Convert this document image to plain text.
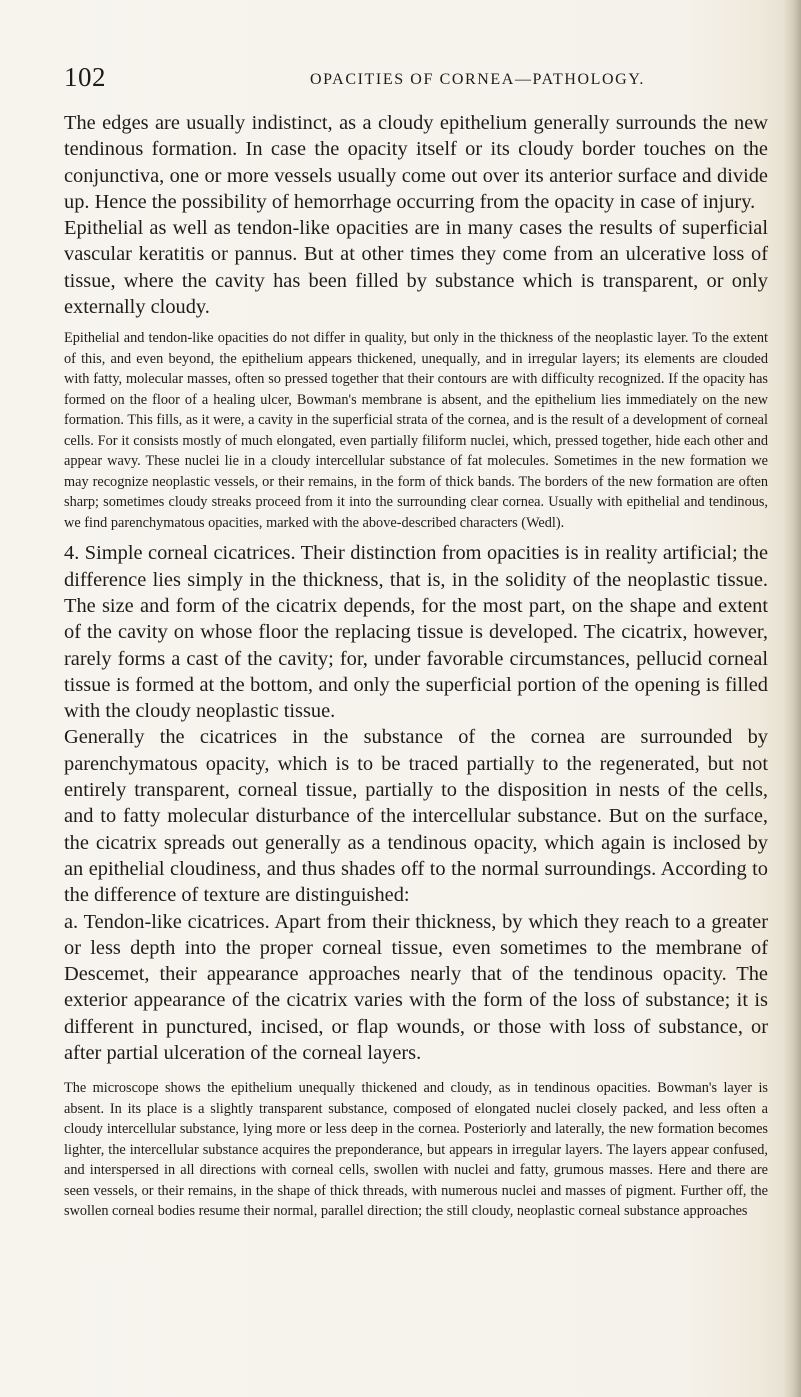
102	OPACITIES OF CORNEA—PATHOLOGY.

The edges are usually indistinct, as a cloudy epithelium generally surrounds the new tendinous formation. In case the opacity itself or its cloudy border touches on the conjunctiva, one or more vessels usually come out over its anterior surface and divide up. Hence the possibility of hemorrhage occurring from the opacity in case of injury.

Epithelial as well as tendon-like opacities are in many cases the results of superficial vascular keratitis or pannus. But at other times they come from an ulcerative loss of tissue, where the cavity has been filled by substance which is transparent, or only externally cloudy.

Epithelial and tendon-like opacities do not differ in quality, but only in the thickness of the neoplastic layer. To the extent of this, and even beyond, the epithelium appears thickened, unequally, and in irregular layers; its elements are clouded with fatty, molecular masses, often so pressed together that their contours are with difficulty recognized. If the opacity has formed on the floor of a healing ulcer, Bowman's membrane is absent, and the epithelium lies immediately on the new formation. This fills, as it were, a cavity in the superficial strata of the cornea, and is the result of a development of corneal cells. For it consists mostly of much elongated, even partially filiform nuclei, which, pressed together, hide each other and appear wavy. These nuclei lie in a cloudy intercellular substance of fat molecules. Sometimes in the new formation we may recognize neoplastic vessels, or their remains, in the form of thick bands. The borders of the new formation are often sharp; sometimes cloudy streaks proceed from it into the surrounding clear cornea. Usually with epithelial and tendinous, we find parenchymatous opacities, marked with the above-described characters (Wedl).

4. Simple corneal cicatrices. Their distinction from opacities is in reality artificial; the difference lies simply in the thickness, that is, in the solidity of the neoplastic tissue. The size and form of the cicatrix depends, for the most part, on the shape and extent of the cavity on whose floor the replacing tissue is developed. The cicatrix, however, rarely forms a cast of the cavity; for, under favorable circumstances, pellucid corneal tissue is formed at the bottom, and only the superficial portion of the opening is filled with the cloudy neoplastic tissue.

Generally the cicatrices in the substance of the cornea are surrounded by parenchymatous opacity, which is to be traced partially to the regenerated, but not entirely transparent, corneal tissue, partially to the disposition in nests of the cells, and to fatty molecular disturbance of the intercellular substance. But on the surface, the cicatrix spreads out generally as a tendinous opacity, which again is inclosed by an epithelial cloudiness, and thus shades off to the normal surroundings. According to the difference of texture are distinguished:

a. Tendon-like cicatrices. Apart from their thickness, by which they reach to a greater or less depth into the proper corneal tissue, even sometimes to the membrane of Descemet, their appearance approaches nearly that of the tendinous opacity. The exterior appearance of the cicatrix varies with the form of the loss of substance; it is different in punctured, incised, or flap wounds, or those with loss of substance, or after partial ulceration of the corneal layers.

The microscope shows the epithelium unequally thickened and cloudy, as in tendinous opacities. Bowman's layer is absent. In its place is a slightly transparent substance, composed of elongated nuclei closely packed, and less often a cloudy intercellular substance, lying more or less deep in the cornea. Posteriorly and laterally, the new formation becomes lighter, the intercellular substance acquires the preponderance, but appears in irregular layers. The layers appear confused, and interspersed in all directions with corneal cells, swollen with nuclei and fatty, grumous masses. Here and there are seen vessels, or their remains, in the shape of thick threads, with numerous nuclei and masses of pigment. Further off, the swollen corneal bodies resume their normal, parallel direction; the still cloudy, neoplastic corneal substance approaches
